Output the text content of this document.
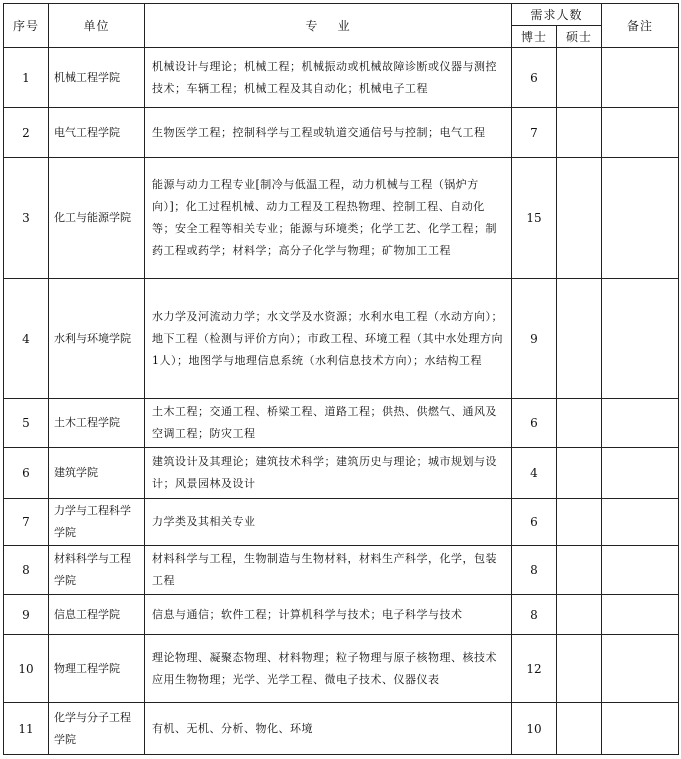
序号	单位	专    业	需求人数		备注
			博士	硕士	
1	机械工程学院	机械设计与理论；机械工程；机械振动或机械故障诊断或仪器与测控技术；车辆工程；机械工程及其自动化；机械电子工程	6		
2	电气工程学院	生物医学工程；控制科学与工程或轨道交通信号与控制；电气工程	7		
3	化工与能源学院	能源与动力工程专业[制冷与低温工程，动力机械与工程（锅炉方向）]；化工过程机械、动力工程及工程热物理、控制工程、自动化等；安全工程等相关专业；能源与环境类；化学工艺、化学工程；制药工程或药学；材料学；高分子化学与物理；矿物加工工程	15		
4	水利与环境学院	水力学及河流动力学；水文学及水资源；水利水电工程（水动方向）；地下工程（检测与评价方向）；市政工程、环境工程（其中水处理方向1人）；地图学与地理信息系统（水利信息技术方向）；水结构工程	9		
5	土木工程学院	土木工程；交通工程、桥梁工程、道路工程；供热、供燃气、通风及空调工程；防灾工程	6		
6	建筑学院	建筑设计及其理论；建筑技术科学；建筑历史与理论；城市规划与设计；风景园林及设计	4		
7	力学与工程科学学院	力学类及其相关专业	6		
8	材料科学与工程学院	材料科学与工程，生物制造与生物材料，材料生产科学，化学，包装工程	8		
9	信息工程学院	信息与通信；软件工程；计算机科学与技术；电子科学与技术	8		
10	物理工程学院	理论物理、凝聚态物理、材料物理；粒子物理与原子核物理、核技术应用生物物理；光学、光学工程、微电子技术、仪器仪表	12		
11	化学与分子工程学院	有机、无机、分析、物化、环境	10		
